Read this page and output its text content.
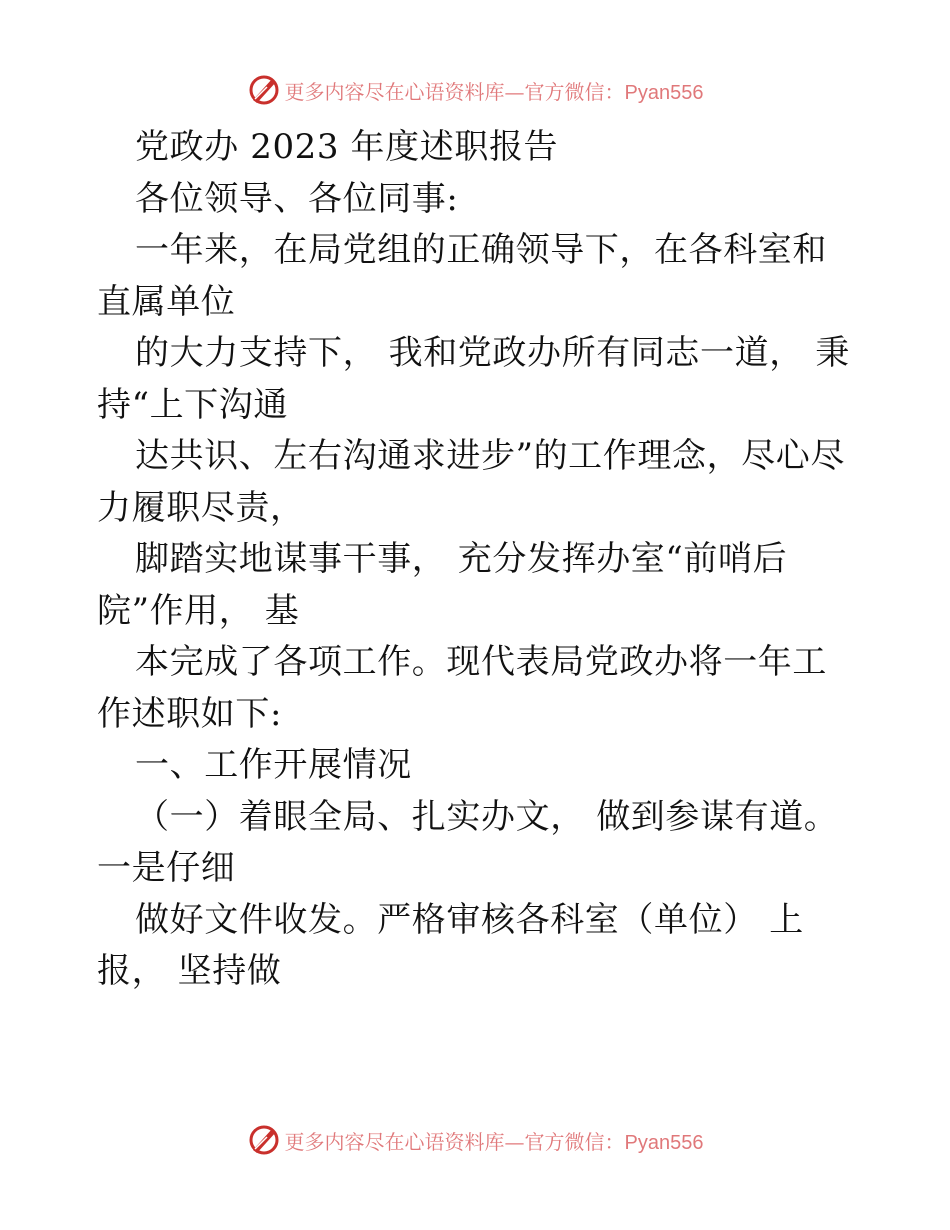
更多内容尽在心语资料库—官方微信：Pyan556

党政办 2023 年度述职报告

各位领导、各位同事:

一年来，在局党组的正确领导下，在各科室和直属单位

的大力支持下， 我和党政办所有同志一道， 秉持“上下沟通

达共识、左右沟通求进步”的工作理念，尽心尽力履职尽责，

脚踏实地谋事干事， 充分发挥办室“前哨后 院”作用， 基

本完成了各项工作。现代表局党政办将一年工作述职如下:

一、工作开展情况

（一）着眼全局、扎实办文， 做到参谋有道。一是仔细

做好文件收发。严格审核各科室（单位） 上报， 坚持做

更多内容尽在心语资料库—官方微信：Pyan556
